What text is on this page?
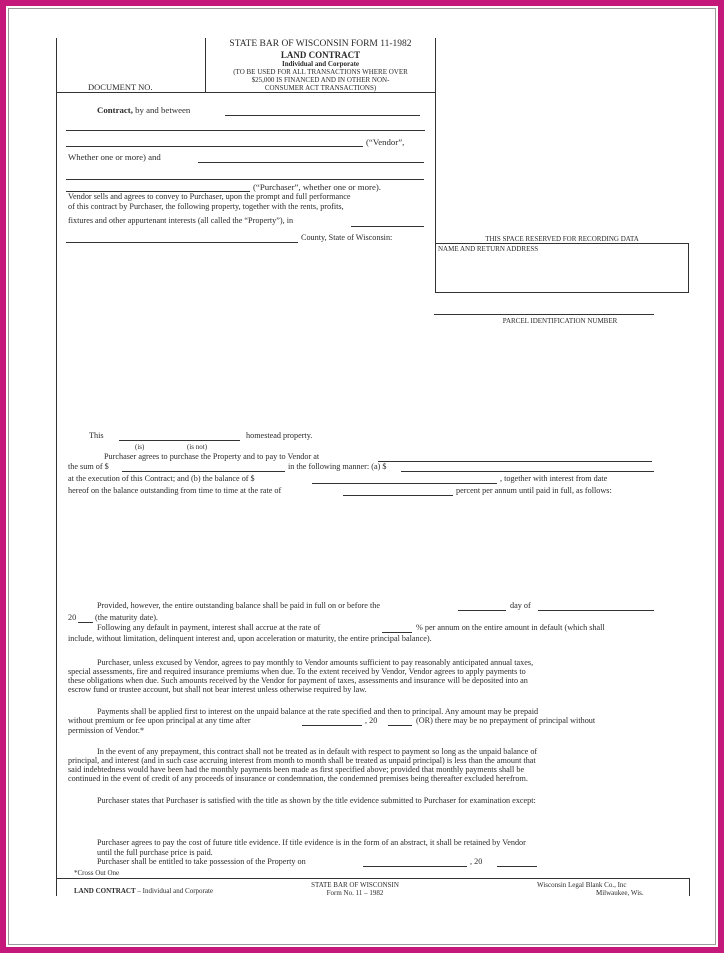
STATE BAR OF WISCONSIN FORM 11-1982
LAND CONTRACT
Individual and Corporate
(TO BE USED FOR ALL TRANSACTIONS WHERE OVER
$25,000 IS FINANCED AND IN OTHER NON-
CONSUMER ACT TRANSACTIONS)
DOCUMENT NO.
Contract, by and between
(“Vendor”,
Whether one or more) and
(“Purchaser”, whether one or more).
Vendor sells and agrees to convey to Purchaser, upon the prompt and full performance
of this contract by Purchaser, the following property, together with the rents, profits,
fixtures and other appurtenant interests (all called the “Property”), in
County, State of Wisconsin:	THIS SPACE RESERVED FOR RECORDING DATA
NAME AND RETURN ADDRESS
PARCEL IDENTIFICATION NUMBER
This	homestead property.
(is)	(is not)
Purchaser agrees to purchase the Property and to pay to Vendor at
the sum of $	in the following manner: (a) $
at the execution of this Contract; and (b) the balance of $	, together with interest from date
hereof on the balance outstanding from time to time at the rate of	percent per annum until paid in full, as follows:
Provided, however, the entire outstanding balance shall be paid in full on or before the	day of
20 (the maturity date).
Following any default in payment, interest shall accrue at the rate of	% per annum on the entire amount in default (which shall
include, without limitation, delinquent interest and, upon acceleration or maturity, the entire principal balance).
Purchaser, unless excused by Vendor, agrees to pay monthly to Vendor amounts sufficient to pay reasonably anticipated annual taxes,
special assessments, fire and required insurance premiums when due. To the extent received by Vendor, Vendor agrees to apply payments to
these obligations when due. Such amounts received by the Vendor for payment of taxes, assessments and insurance will be deposited into an
escrow fund or trustee account, but shall not bear interest unless otherwise required by law.
Payments shall be applied first to interest on the unpaid balance at the rate specified and then to principal. Any amount may be prepaid
without premium or fee upon principal at any time after	, 20	(OR) there may be no prepayment of principal without
permission of Vendor.*
In the event of any prepayment, this contract shall not be treated as in default with respect to payment so long as the unpaid balance of
principal, and interest (and in such case accruing interest from month to month shall be treated as unpaid principal) is less than the amount that
said indebtedness would have been had the monthly payments been made as first specified above; provided that monthly payments shall be
continued in the event of credit of any proceeds of insurance or condemnation, the condemned premises being thereafter excluded herefrom.
Purchaser states that Purchaser is satisfied with the title as shown by the title evidence submitted to Purchaser for examination except:
Purchaser agrees to pay the cost of future title evidence. If title evidence is in the form of an abstract, it shall be retained by Vendor
until the full purchase price is paid.
Purchaser shall be entitled to take possession of the Property on	, 20
*Cross Out One
LAND CONTRACT – Individual and Corporate
STATE BAR OF WISCONSIN
Form No. 11 – 1982
Wisconsin Legal Blank Co., Inc
Milwaukee, Wis.
